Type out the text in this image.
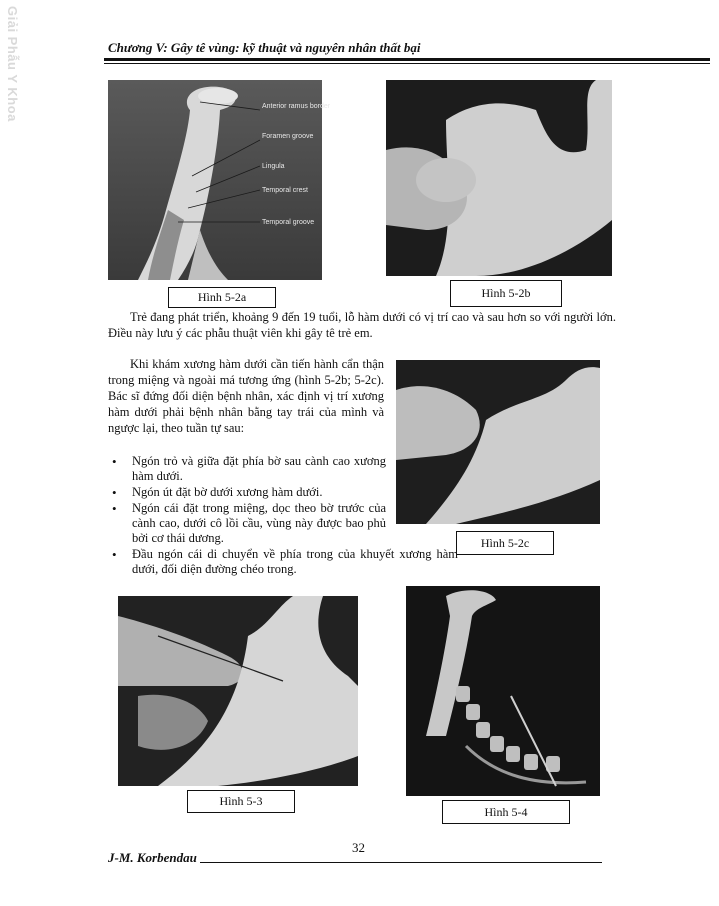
Giải Phẫu Y Khoa	Chương V: Gây tê vùng: kỹ thuật và nguyên nhân thất bại
Anterior ramus border
Foramen groove
Lingula
Temporal crest
Temporal groove
Hình 5-2a	Hình 5-2b
Trẻ đang phát triển, khoảng 9 đến 19 tuổi, lỗ hàm dưới có vị trí cao và sau hơn so với người lớn. Điều này lưu ý các phẫu thuật viên khi gây tê trẻ em.
Khi khám xương hàm dưới cần tiến hành cẩn thận trong miệng và ngoài má tương ứng (hình 5-2b; 5-2c). Bác sĩ đứng đối diện bệnh nhân, xác định vị trí xương hàm dưới phải bệnh nhân bằng tay trái của mình và ngược lại, theo tuần tự sau:
Hình 5-2c
• Ngón trỏ và giữa đặt phía bờ sau cành cao xương hàm dưới.
• Ngón út đặt bờ dưới xương hàm dưới.
• Ngón cái đặt trong miệng, dọc theo bờ trước của cành cao, dưới cô lồi cầu, vùng này được bao phủ bởi cơ thái dương.
• Đầu ngón cái di chuyển về phía trong của khuyết xương hàm dưới, đối diện đường chéo trong.
Hình 5-3
Hình 5-4
32
J-M. Korbendau
